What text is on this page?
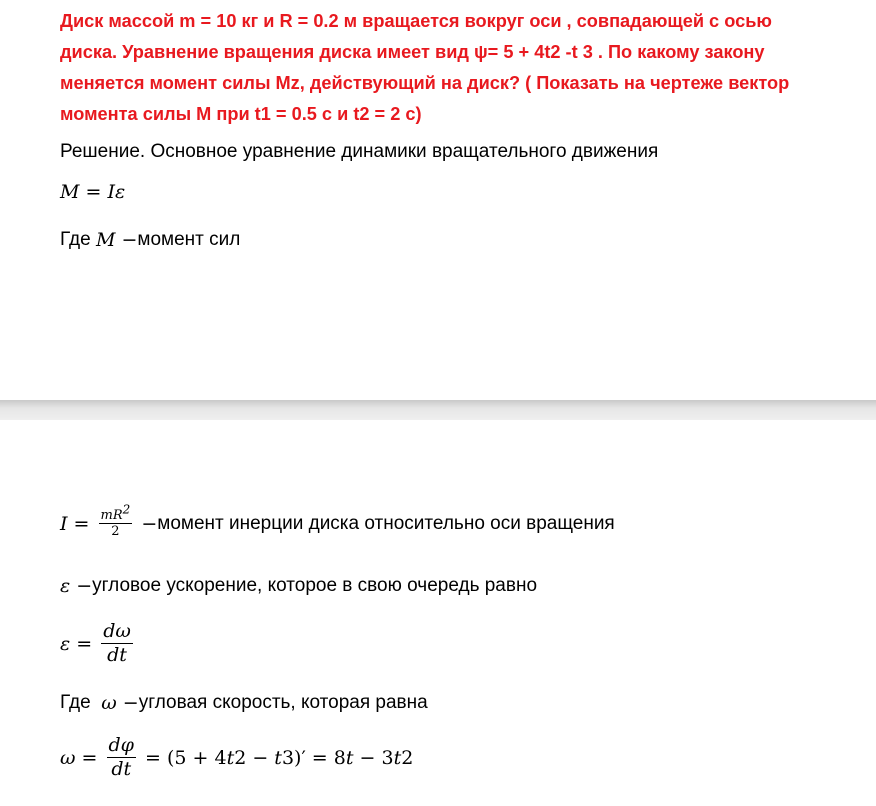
Диск массой m = 10 кг и R = 0.2 м вращается вокруг оси , совпадающей с осью диска. Уравнение вращения диска имеет вид ψ= 5 + 4t2 -t 3 . По какому закону меняется момент силы Mz, действующий на диск? ( Показать на чертеже вектор момента силы M при t1 = 0.5 с и t2 = 2 с)

Решение. Основное уравнение динамики вращательного движения

M = Iε
Где M − момент сил
$I = \frac{mR^2}{2}$ − момент инерции диска относительно оси вращения
ε − угловое ускорение, которое в свою очередь равно
$\varepsilon = \frac{d\omega}{dt}$
Где ω − угловая скорость, которая равна
$\omega = \frac{d\varphi}{dt} = (5 + 4$ t 2 − t 3 )′ = 8 t − 3 t 2
